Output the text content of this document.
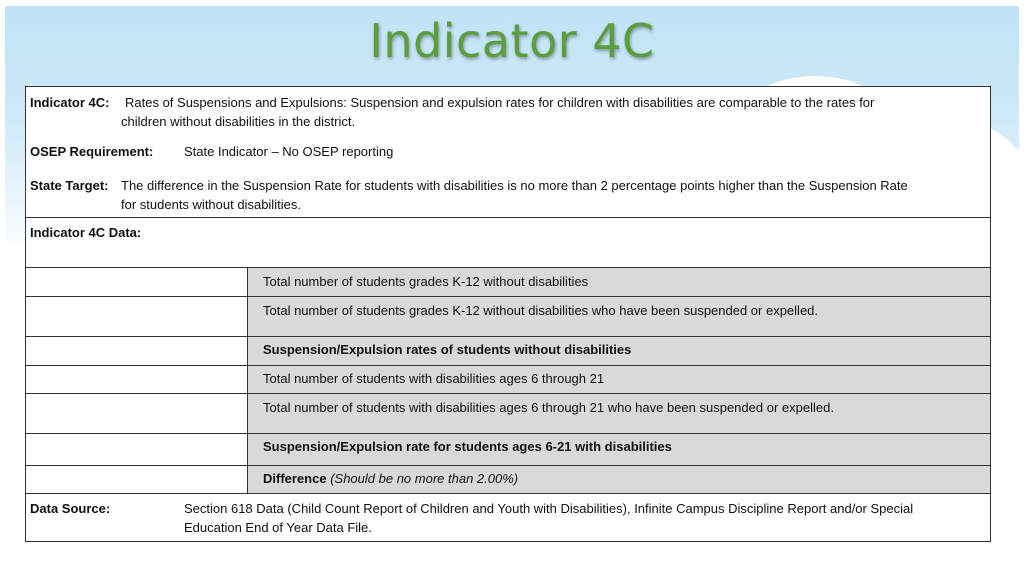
Indicator 4C
Indicator 4C: Rates of Suspensions and Expulsions: Suspension and expulsion rates for children with disabilities are comparable to the rates for
children without disabilities in the district.
OSEP Requirement: State Indicator – No OSEP reporting
State Target: The difference in the Suspension Rate for students with disabilities is no more than 2 percentage points higher than the Suspension Rate
for students without disabilities.
Indicator 4C Data:
Total number of students grades K-12 without disabilities
Total number of students grades K-12 without disabilities who have been suspended or expelled.
Suspension/Expulsion rates of students without disabilities
Total number of students with disabilities ages 6 through 21
Total number of students with disabilities ages 6 through 21 who have been suspended or expelled.
Suspension/Expulsion rate for students ages 6-21 with disabilities
Difference (Should be no more than 2.00%)
Data Source:	Section 618 Data (Child Count Report of Children and Youth with Disabilities), Infinite Campus Discipline Report and/or Special
Education End of Year Data File.
